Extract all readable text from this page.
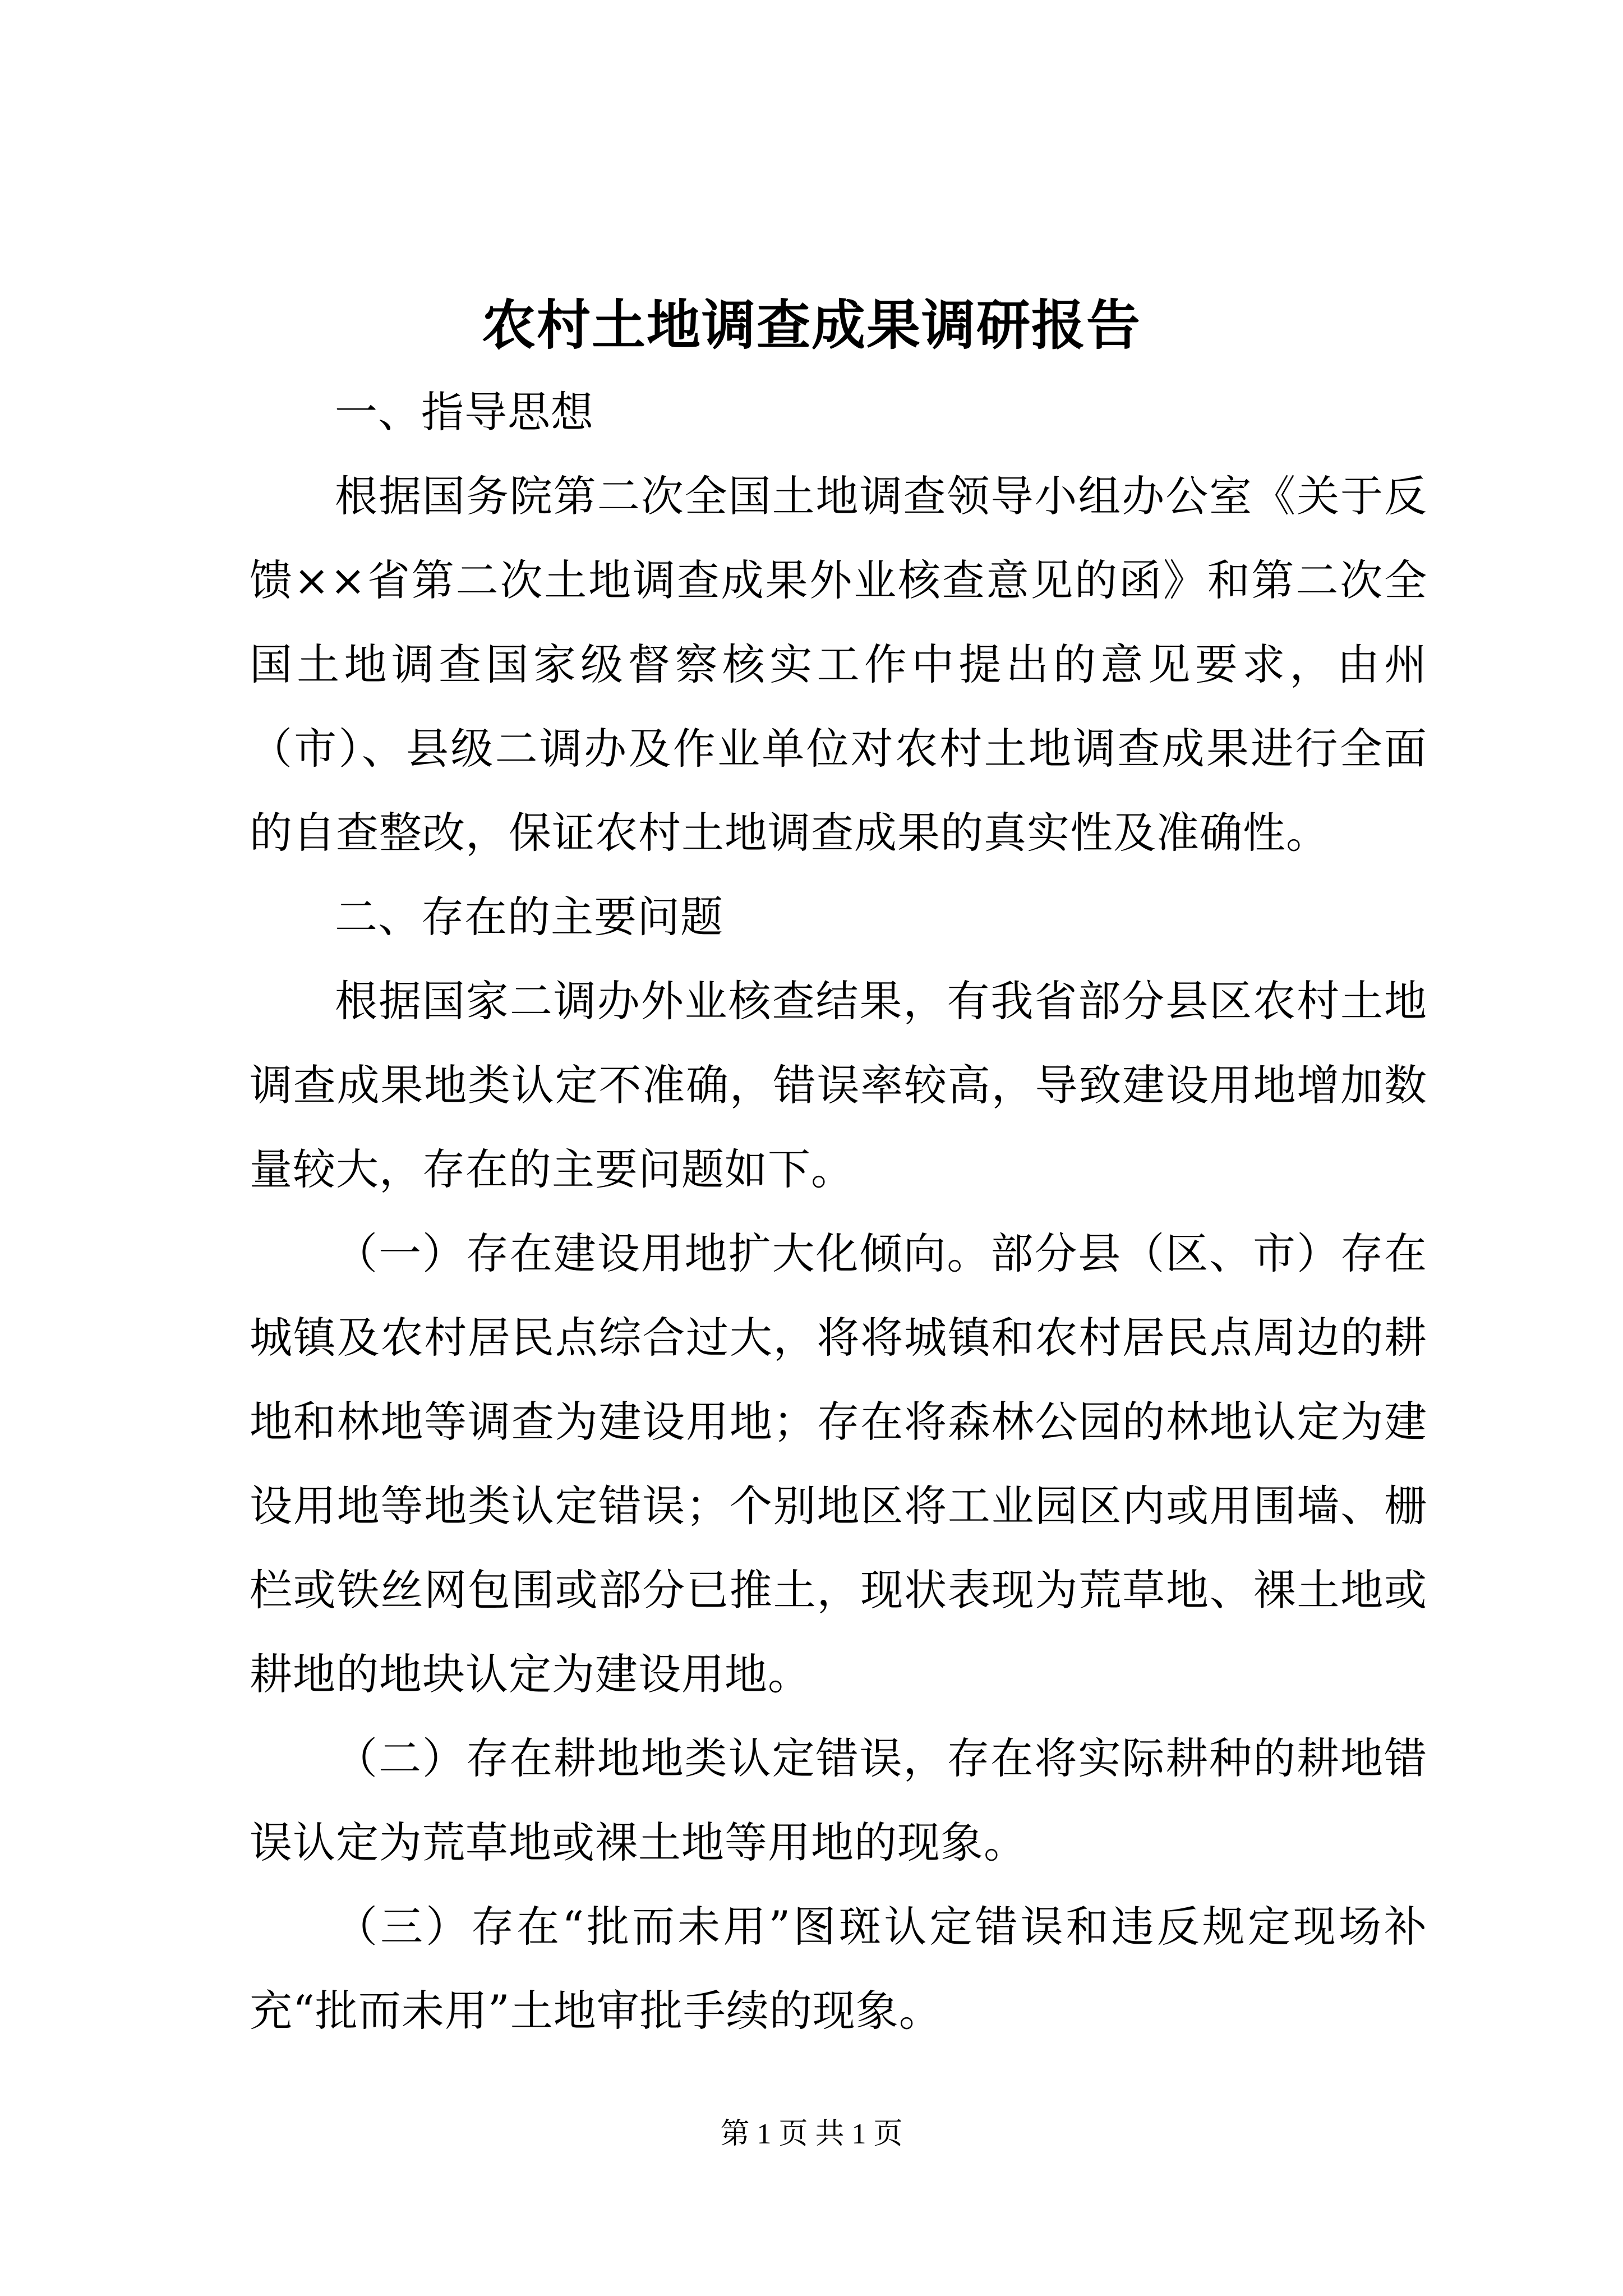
农村土地调查成果调研报告

一、指导思想

根据国务院第二次全国土地调查领导小组办公室《关于反馈××省第二次土地调查成果外业核查意见的函》和第二次全国土地调查国家级督察核实工作中提出的意见要求，由州（市）、县级二调办及作业单位对农村土地调查成果进行全面的自查整改，保证农村土地调查成果的真实性及准确性。

二、存在的主要问题

根据国家二调办外业核查结果，有我省部分县区农村土地调查成果地类认定不准确，错误率较高，导致建设用地增加数量较大，存在的主要问题如下。

（一）存在建设用地扩大化倾向。部分县（区、市）存在城镇及农村居民点综合过大，将将城镇和农村居民点周边的耕地和林地等调查为建设用地；存在将森林公园的林地认定为建设用地等地类认定错误；个别地区将工业园区内或用围墙、栅栏或铁丝网包围或部分已推土，现状表现为荒草地、裸土地或耕地的地块认定为建设用地。

（二）存在耕地地类认定错误，存在将实际耕种的耕地错误认定为荒草地或裸土地等用地的现象。

（三）存在“批而未用”图斑认定错误和违反规定现场补充“批而未用”土地审批手续的现象。

第 1 页 共 1 页
